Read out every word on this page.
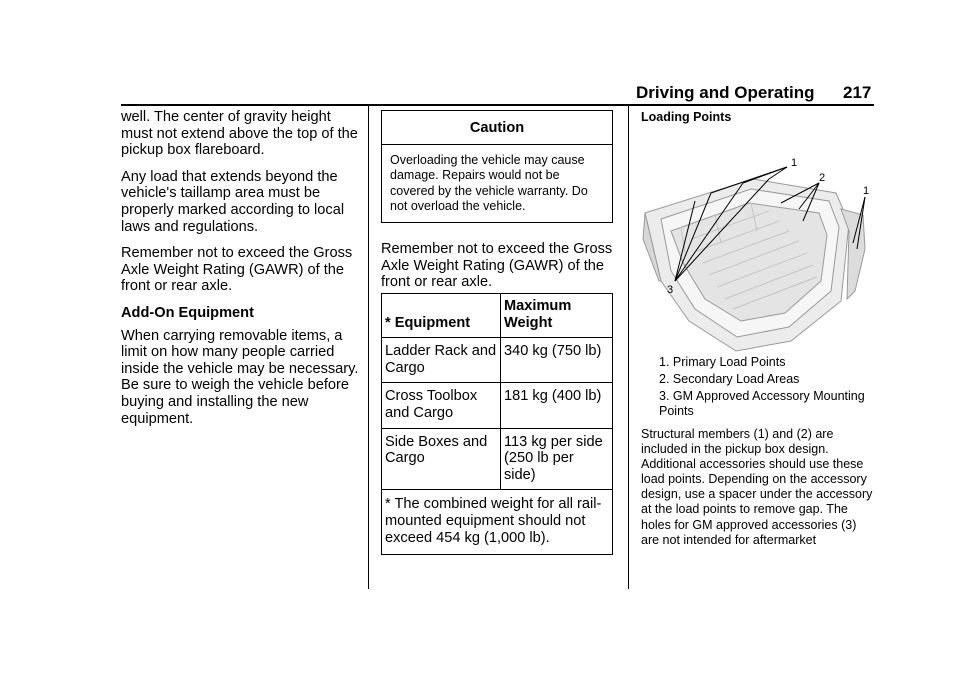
Driving and Operating 217

well. The center of gravity height must not extend above the top of the pickup box flareboard.

Any load that extends beyond the vehicle's taillamp area must be properly marked according to local laws and regulations.

Remember not to exceed the Gross Axle Weight Rating (GAWR) of the front or rear axle.

Add-On Equipment

When carrying removable items, a limit on how many people carried inside the vehicle may be necessary. Be sure to weigh the vehicle before buying and installing the new equipment.

Caution
Overloading the vehicle may cause damage. Repairs would not be covered by the vehicle warranty. Do not overload the vehicle.

Remember not to exceed the Gross Axle Weight Rating (GAWR) of the front or rear axle.

* Equipment	Maximum Weight
Ladder Rack and Cargo	340 kg (750 lb)
Cross Toolbox and Cargo	181 kg (400 lb)
Side Boxes and Cargo	113 kg per side (250 lb per side)
* The combined weight for all rail-mounted equipment should not exceed 454 kg (1,000 lb).	

Loading Points

1
2
1
3
1. Primary Load Points
2. Secondary Load Areas
3. GM Approved Accessory Mounting Points

Structural members (1) and (2) are included in the pickup box design. Additional accessories should use these load points. Depending on the accessory design, use a spacer under the accessory at the load points to remove gap. The holes for GM approved accessories (3) are not intended for aftermarket
